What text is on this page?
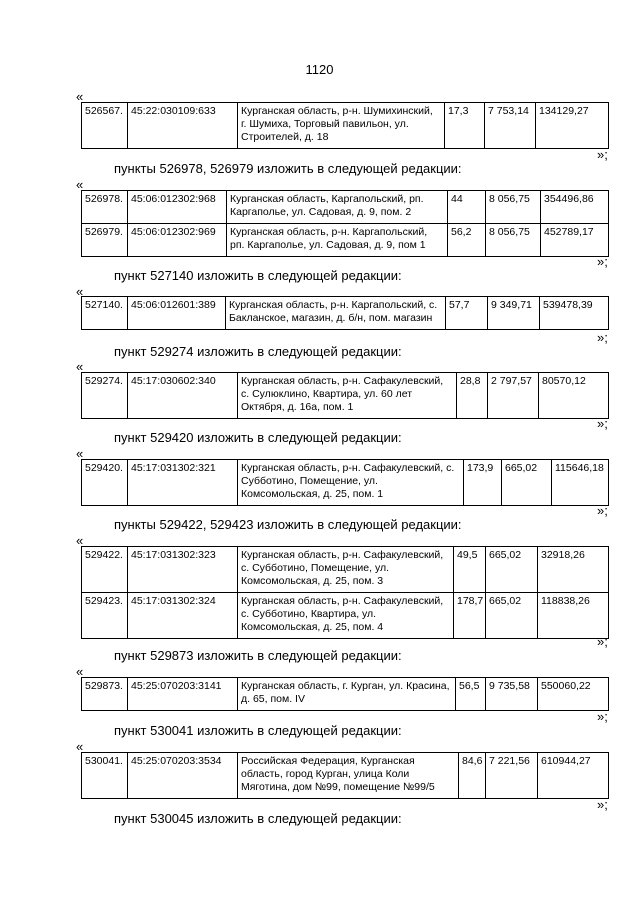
1120
«
526567.	45:22:030109:633	Курганская область, р-н. Шумихинский, г. Шумиха, Торговый павильон, ул. Строителей, д. 18	17,3	7 753,14	134129,27
»;
пункты 526978, 526979 изложить в следующей редакции:
«
526978.	45:06:012302:968	Курганская область, Каргапольский, рп. Каргаполье, ул. Садовая, д. 9, пом. 2	44	8 056,75	354496,86
526979.	45:06:012302:969	Курганская область, р-н. Каргапольский, рп. Каргаполье, ул. Садовая, д. 9, пом 1	56,2	8 056,75	452789,17
»;
пункт 527140 изложить в следующей редакции:
«
527140.	45:06:012601:389	Курганская область, р-н. Каргапольский, с. Бакланское, магазин, д. б/н, пом. магазин	57,7	9 349,71	539478,39
»;
пункт 529274 изложить в следующей редакции:
«
529274.	45:17:030602:340	Курганская область, р-н. Сафакулевский, с. Сулюклино, Квартира, ул. 60 лет Октября, д. 16а, пом. 1	28,8	2 797,57	80570,12
»;
пункт 529420 изложить в следующей редакции:
«
529420.	45:17:031302:321	Курганская область, р-н. Сафакулевский, с. Субботино, Помещение, ул. Комсомольская, д. 25, пом. 1	173,9	665,02	115646,18
»;
пункты 529422, 529423 изложить в следующей редакции:
«
529422.	45:17:031302:323	Курганская область, р-н. Сафакулевский, с. Субботино, Помещение, ул. Комсомольская, д. 25, пом. 3	49,5	665,02	32918,26
529423.	45:17:031302:324	Курганская область, р-н. Сафакулевский, с. Субботино, Квартира, ул. Комсомольская, д. 25, пом. 4	178,7	665,02	118838,26
»;
пункт 529873 изложить в следующей редакции:
«
529873.	45:25:070203:3141	Курганская область, г. Курган, ул. Красина, д. 65, пом. IV	56,5	9 735,58	550060,22
»;
пункт 530041 изложить в следующей редакции:
«
530041.	45:25:070203:3534	Российская Федерация, Курганская область, город Курган, улица Коли Мяготина, дом №99, помещение №99/5	84,6	7 221,56	610944,27
»;
пункт 530045 изложить в следующей редакции:
